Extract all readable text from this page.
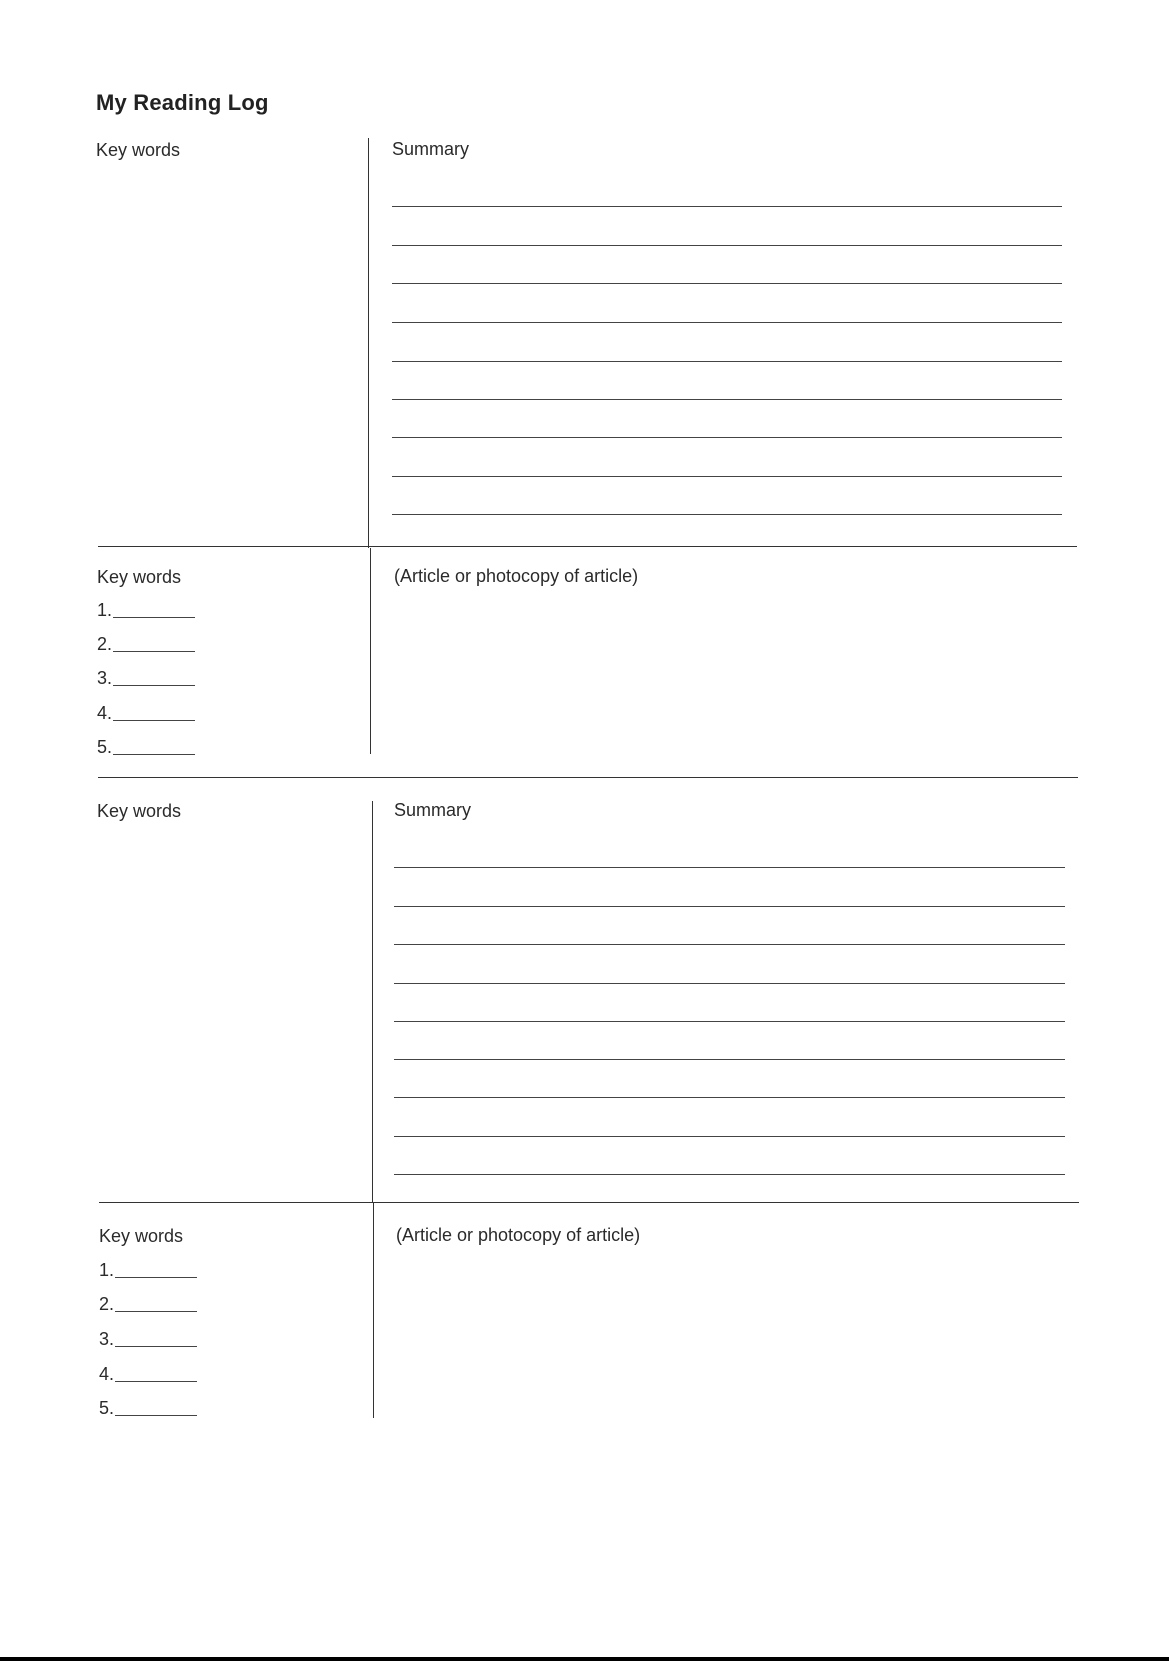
My Reading Log
Key words	Summary
Key words	(Article or photocopy of article)
1.
2.
3.
4.
5.
Key words	Summary
Key words	(Article or photocopy of article)
1.
2.
3.
4.
5.
